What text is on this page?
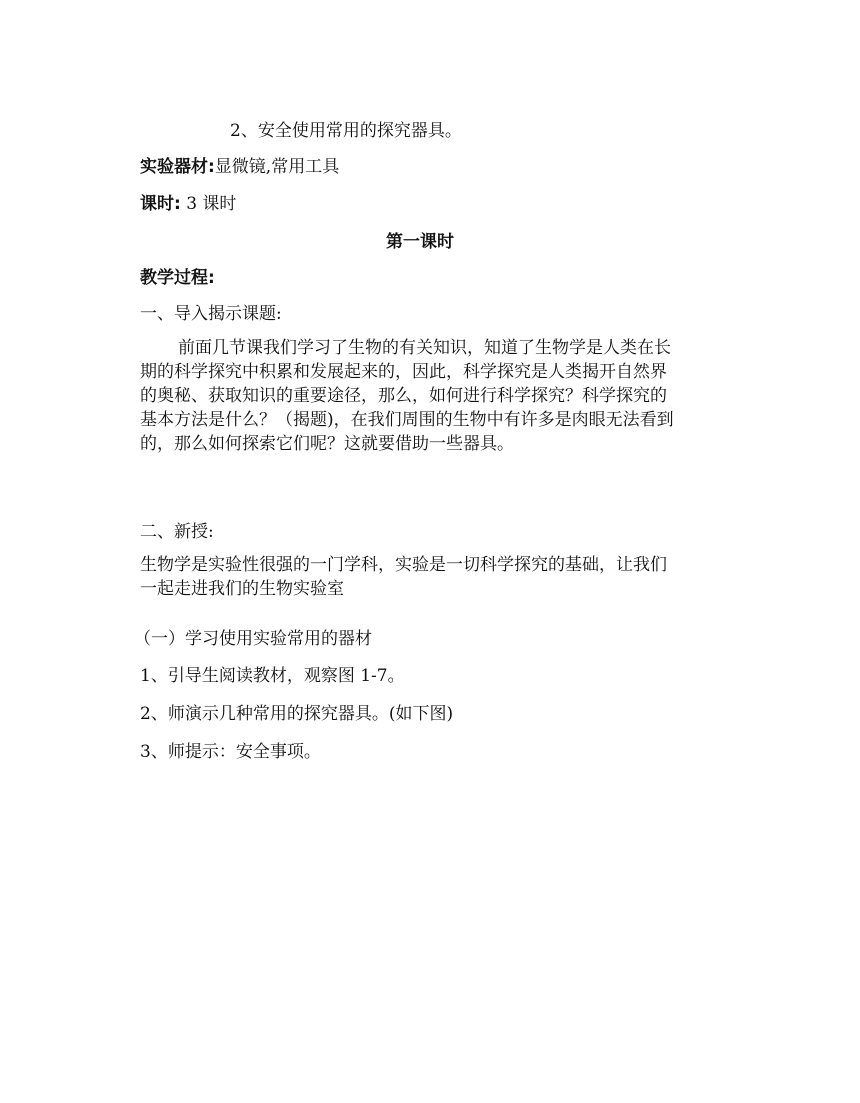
2、安全使用常用的探究器具。

实验器材:显微镜,常用工具

课时: 3 课时

第一课时

教学过程:

一、导入揭示课题:

前面几节课我们学习了生物的有关知识，知道了生物学是人类在长

期的科学探究中积累和发展起来的，因此，科学探究是人类揭开自然界

的奥秘、获取知识的重要途径，那么，如何进行科学探究？科学探究的

基本方法是什么？（揭题)，在我们周围的生物中有许多是肉眼无法看到

的，那么如何探索它们呢？这就要借助一些器具。

二、新授:

生物学是实验性很强的一门学科，实验是一切科学探究的基础，让我们

一起走进我们的生物实验室

（一）学习使用实验常用的器材

1、引导生阅读教材，观察图 1-7。

2、师演示几种常用的探究器具。(如下图)

3、师提示：安全事项。
